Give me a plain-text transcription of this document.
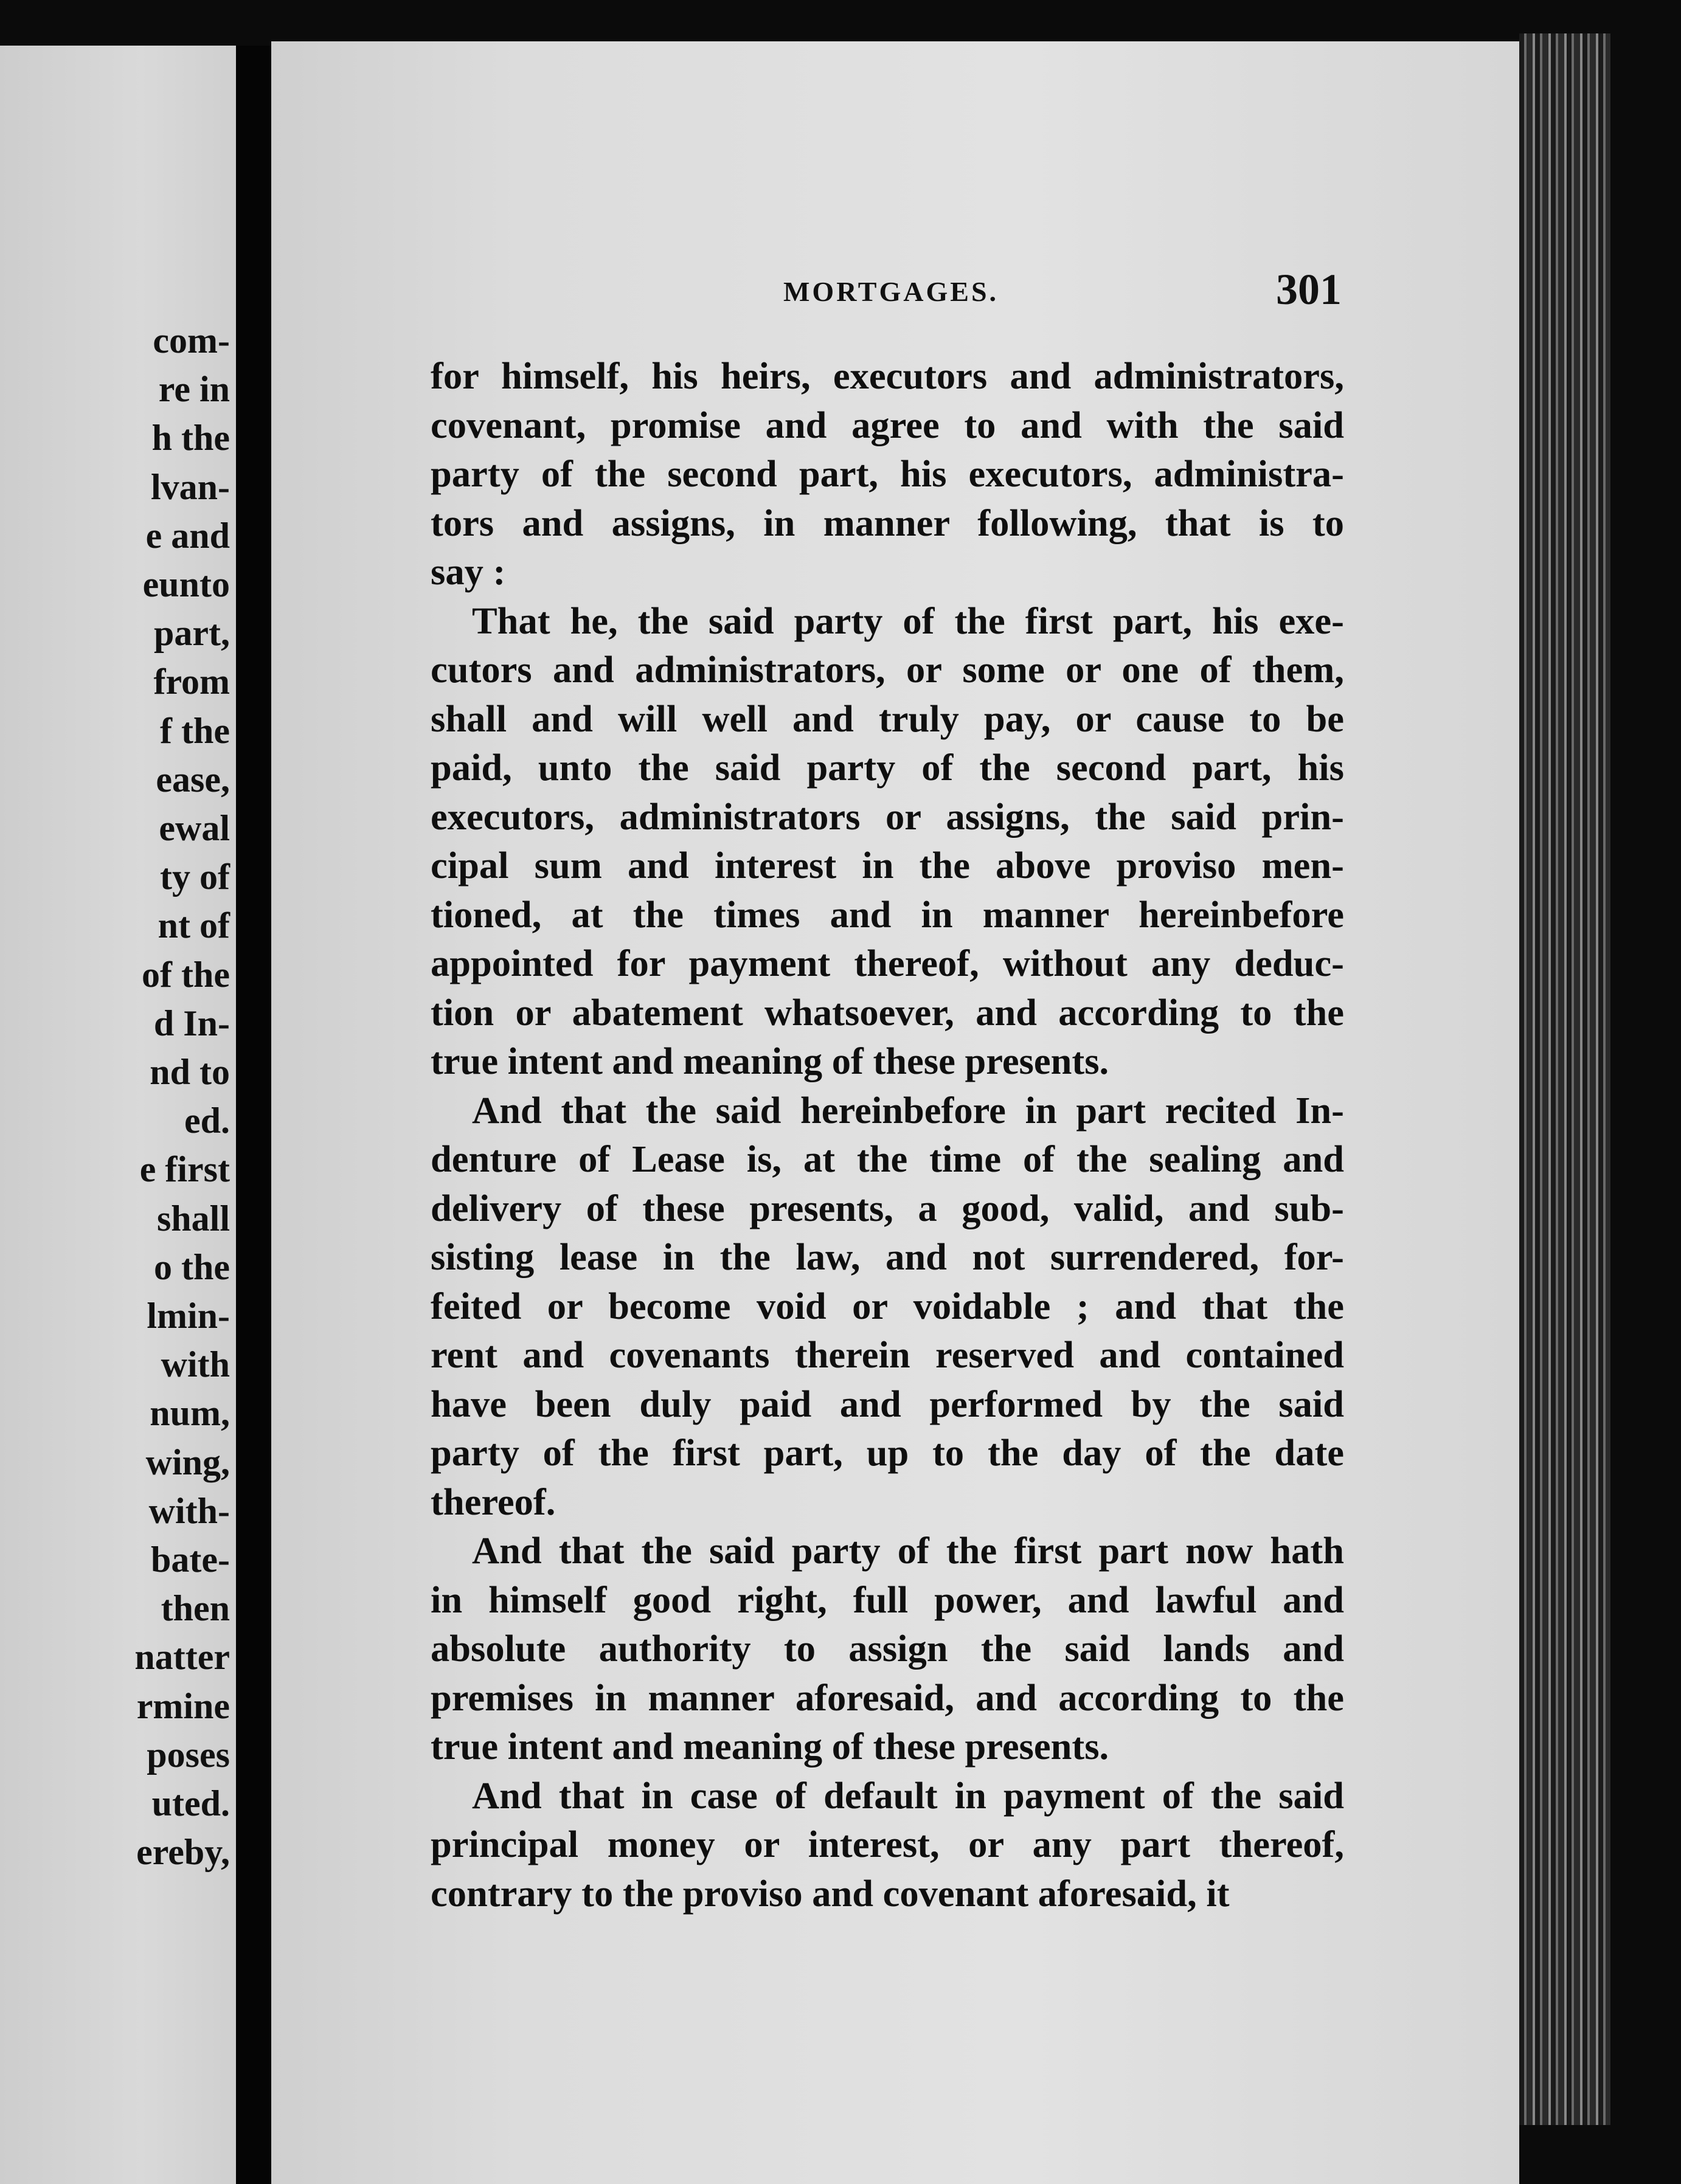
com-
re in
h the
lvan-
e and
eunto
part,
from
f the
ease,
ewal
ty of
nt of
of the
d In-
nd to
ed.
e first
shall
o the
lmin-
with
num,
wing,
with-
bate-
then
natter
rmine
poses
uted.
ereby,
MORTGAGES.	301
for himself, his heirs, executors and administrators,
covenant, promise and agree to and with the said
party of the second part, his executors, administra-
tors and assigns, in manner following, that is to
say :
That he, the said party of the first part, his exe-
cutors and administrators, or some or one of them,
shall and will well and truly pay, or cause to be
paid, unto the said party of the second part, his
executors, administrators or assigns, the said prin-
cipal sum and interest in the above proviso men-
tioned, at the times and in manner hereinbefore
appointed for payment thereof, without any deduc-
tion or abatement whatsoever, and according to the
true intent and meaning of these presents.
And that the said hereinbefore in part recited In-
denture of Lease is, at the time of the sealing and
delivery of these presents, a good, valid, and sub-
sisting lease in the law, and not surrendered, for-
feited or become void or voidable ; and that the
rent and covenants therein reserved and contained
have been duly paid and performed by the said
party of the first part, up to the day of the date
thereof.
And that the said party of the first part now hath
in himself good right, full power, and lawful and
absolute authority to assign the said lands and
premises in manner aforesaid, and according to the
true intent and meaning of these presents.
And that in case of default in payment of the said
principal money or interest, or any part thereof,
contrary to the proviso and covenant aforesaid, it
